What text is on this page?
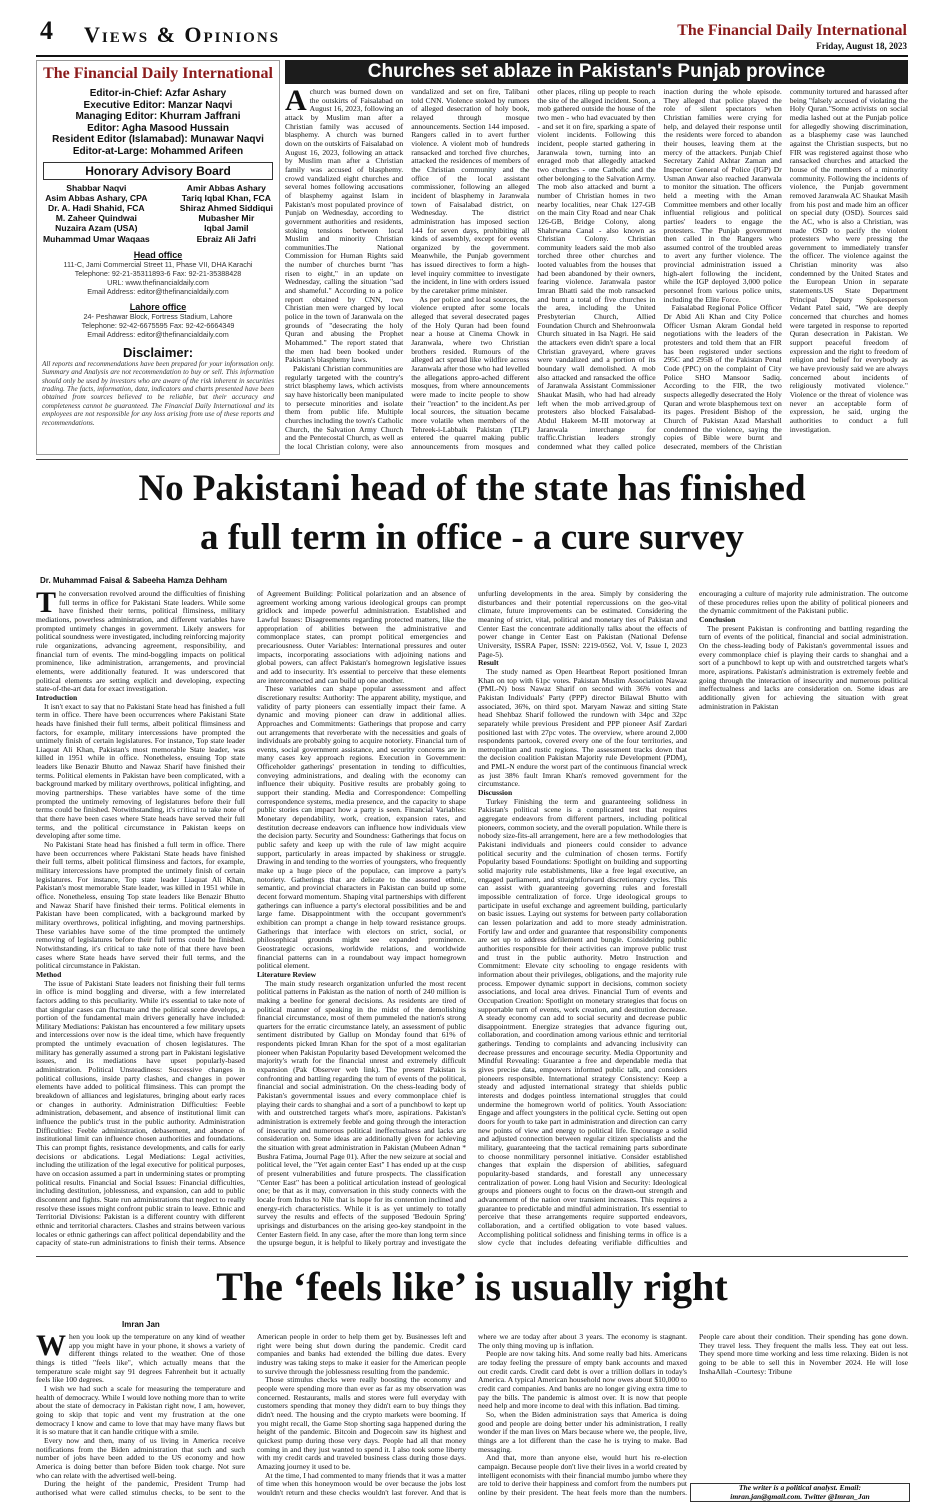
4 Views & Opinions	The Financial Daily International
Friday, August 18, 2023
The Financial Daily International
Editor-in-Chief: Azfar Ashary
Executive Editor: Manzar Naqvi
Managing Editor: Khurram Jaffrani
Editor: Agha Masood Hussain
Resident Editor (Islamabad): Munawar Naqvi
Editor-at-Large: Mohammed Arifeen
Honorary Advisory Board
Shabbar Naqvi
Asim Abbas Ashary, CPA
Dr. A. Hadi Shahid, FCA
M. Zaheer Quindwai
Nuzaira Azam (USA)
Muhammad Umar Waqaas
Amir Abbas Ashary
Tariq Iqbal Khan, FCA
Shiraz Ahmed Siddiqui
Mubasher Mir
Iqbal Jamil
Ebraiz Ali Jafri
Head office
111-C, Jami Commercial Street 11, Phase VII, DHA Karachi
Telephone: 92-21-35311893-6 Fax: 92-21-35388428
URL: www.thefinancialdaily.com
Email Address: editor@thefinancialdaily.com
Lahore office
24- Peshawar Block, Fortress Stadium, Lahore
Telephone: 92-42-6675595 Fax: 92-42-6664349
Email Address: editor@thefinancialdaily.com
Disclaimer:
All reports and recommendations have been prepared for your information only. Summary and Analysis are not recommendation to buy or sell. This information should only be used by investors who are aware of the risk inherent in securities trading. The facts, information, data, indicators and charts presented have been obtained from sources believed to be reliable, but their accuracy and completeness cannot be guaranteed. The Financial Daily International and its employees are not responsible for any loss arising from use of these reports and recommendations.
Churches set ablaze in Pakistan's Punjab province
A church was burned down on the outskirts of Faisalabad on August 16, 2023, following an attack by Muslim man after a Christian family was accused of blasphemy. A church was burned down on the outskirts of Faisalabad on August 16, 2023, following an attack by Muslim man after a Christian family was accused of blasphemy. crowd vandalized eight churches and several homes following accusations of blasphemy against Islam in Pakistan's most populated province of Punjab on Wednesday, according to government authorities and residents, stoking tensions between local Muslim and minority Christian communities.The National Commission for Human Rights said the number of churches burnt "has risen to eight," in an update on Wednesday, calling the situation "sad and shameful." According to a police report obtained by CNN, two Christian men were charged by local police in the town of Jaranwala on the grounds of "desecrating the holy Quran and abusing the Prophet Mohammed." The report stated that the men had been booked under Pakistan's blasphemy laws.

Pakistani Christian communities are regularly targeted with the country's strict blasphemy laws, which activists say have historically been manipulated to persecute minorities and isolate them from public life. Multiple churches including the town's Catholic Church, the Salvation Army Church and the Pentecostal Church, as well as the local Christian colony, were also vandalized and set on fire, Talibani told CNN. Violence stoked by rumors of alleged desecration of holy book, relayed through mosque announcements. Section 144 imposed. Rangers called in to avert further violence. A violent mob of hundreds ransacked and torched five churches, attacked the residences of members of the Christian community and the office of the local assistant commissioner, following an alleged incident of blasphemy in Jaranwala town of Faisalabad district, on Wednesday. The district administration has imposed section 144 for seven days, prohibiting all kinds of assembly, except for events organized by the government. Meanwhile, the Punjab government has issued directives to form a high-level inquiry committee to investigate the incident, in line with orders issued by the caretaker prime minister.

As per police and local sources, the violence erupted after some locals alleged that several desecrated pages of the Holy Quran had been found near a house at Cinema Chowk in Jaranwala, where two Christian brothers resided. Rumours of the alleged act spread like wildfire across Jaranwala after those who had levelled the allegations appro-ached different mosques, from where announcements were made to incite people to show their "reaction" to the incident.As per local sources, the situation became more volatile when members of the Tehreek-i-Labbaik Pakistan (TLP) entered the quarrel making public announcements from mosques and other places, riling up people to reach the site of the alleged incident. Soon, a mob gathered outside the house of the two men - who had evacuated by then - and set it on fire, sparking a spate of violent incidents. Following this incident, people started gathering in Jaranwala town, turning into an enraged mob that allegedly attacked two churches - one Catholic and the other belonging to the Salvation Army. The mob also attacked and burnt a number of Christian homes in two nearby localities, near Chak 127-GB on the main City Road and near Chak 126-GB, Bridge Colony, along Shahrwana Canal - also known as Christian Colony. Christian community leaders said the mob also torched three other churches and looted valuables from the houses that had been abandoned by their owners, fearing violence. Jaranwala pastor Imran Bhatti said the mob ransacked and burnt a total of five churches in the area, including the United Presbyterian Church, Allied Foundation Church and Shehroonwala Church situated in Isa Nagri. He said the attackers even didn't spare a local Christian graveyard, where graves were vandalized and a portion of its boundary wall demolished. A mob also attacked and ransacked the office of Jaranwala Assistant Commissioner Shaukat Masih, who had had already left when the mob arrived.group of protesters also blocked Faisalabad-Abdul Hakeem M-III motorway at Jaranwala interchange for traffic.Christian leaders strongly condemned what they called police inaction during the whole episode. They alleged that police played the role of silent spectators when Christian families were crying for help, and delayed their response until the residents were forced to abandon their houses, leaving them at the mercy of the attackers. Punjab Chief Secretary Zahid Akhtar Zaman and Inspector General of Police (IGP) Dr Usman Anwar also reached Jaranwala to monitor the situation. The officers held a meeting with the Aman Committee members and other locally influential religious and political parties' leaders to engage the protesters. The Punjab government then called in the Rangers who assumed control of the troubled areas to avert any further violence. The provincial administration issued a high-alert following the incident, while the IGP deployed 3,000 police personnel from various police units, including the Elite Force.

Faisalabad Regional Police Officer Dr Abid Ali Khan and City Police Officer Usman Akram Gondal held negotiations with the leaders of the protesters and told them that an FIR has been registered under sections 295C and 295B of the Pakistan Penal Code (PPC) on the complaint of City Police SHO Mansoor Sadiq. According to the FIR, the two suspects allegedly desecrated the Holy Quran and wrote blasphemous text on its pages. President Bishop of the Church of Pakistan Azad Marshall condemned the violence, saying the copies of Bible were burnt and desecrated, members of the Christian community tortured and harassed after being "falsely accused of violating the Holy Quran."Some activists on social media lashed out at the Punjab police for allegedly showing discrimination, as a blasphemy case was launched against the Christian suspects, but no FIR was registered against those who ransacked churches and attacked the house of the members of a minority community. Following the incidents of violence, the Punjab government removed Jaranwala AC Shaukat Masih from his post and made him an officer on special duty (OSD). Sources said the AC, who is also a Christian, was made OSD to pacify the violent protesters who were pressing the government to immediately transfer the officer. The violence against the Christian minority was also condemned by the United States and the European Union in separate statements.US State Department Principal Deputy Spokesperson Vedant Patel said, "We are deeply concerned that churches and homes were targeted in response to reported Quran desecration in Pakistan. We support peaceful freedom of expression and the right to freedom of religion and belief for everybody as we have previously said we are always concerned about incidents of religiously motivated violence." Violence or the threat of violence was never an acceptable form of expression, he said, urging the authorities to conduct a full investigation.

No Pakistani head of the state has finished
a full term in office - a cure survey
Dr. Muhammad Faisal & Sabeeha Hamza Dehham
T he conversation revolved around the difficulties of finishing full terms in office for Pakistani State leaders. While some have finished their terms, political flimsiness, military mediations, powerless administration, and different variables have prompted untimely changes in government. Likely answers for political soundness were investigated, including reinforcing majority rule organizations, advancing agreement, responsibility, and financial turn of events. The mind-boggling impacts on political prominence, like administration, arrangements, and provincial elements, were additionally featured. It was underscored that political elements are setting explicit and developing, expecting state-of-the-art data for exact investigation.

Introduction

It isn't exact to say that no Pakistani State head has finished a full term in office. There have been occurrences where Pakistani State heads have finished their full terms, albeit political flimsiness and factors, for example, military intercessions have prompted the untimely finish of certain legislatures. For instance, Top state leader Liaquat Ali Khan, Pakistan's most memorable State leader, was killed in 1951 while in office. Nonetheless, ensuing Top state leaders like Benazir Bhutto and Nawaz Sharif have finished their terms. Political elements in Pakistan have been complicated, with a background marked by military overthrows, political infighting, and moving partnerships. These variables have some of the time prompted the untimely removing of legislatures before their full terms could be finished. Notwithstanding, it's critical to take note of that there have been cases where State heads have served their full terms, and the political circumstance in Pakistan keeps on developing after some time.

No Pakistani State head has finished a full term in office. There have been occurrences where Pakistani State heads have finished their full terms, albeit political flimsiness and factors, for example, military intercessions have prompted the untimely finish of certain legislatures. For instance, Top state leader Liaquat Ali Khan, Pakistan's most memorable State leader, was killed in 1951 while in office. Nonetheless, ensuing Top state leaders like Benazir Bhutto and Nawaz Sharif have finished their terms. Political elements in Pakistan have been complicated, with a background marked by military overthrows, political infighting, and moving partnerships. These variables have some of the time prompted the untimely removing of legislatures before their full terms could be finished. Notwithstanding, it's critical to take note of that there have been cases where State heads have served their full terms, and the political circumstance in Pakistan.

Method

The issue of Pakistani State leaders not finishing their full terms in office is mind boggling and diverse, with a few interrelated factors adding to this peculiarity. While it's essential to take note of that singular cases can fluctuate and the political scene develops, a portion of the fundamental main drivers generally have included: Military Mediations: Pakistan has encountered a few military upsets and intercessions over now is the ideal time, which have frequently prompted the untimely evacuation of chosen legislatures. The military has generally assumed a strong part in Pakistani legislative issues, and its mediations have upset popularly-based administration. Political Unsteadiness: Successive changes in political collusions, inside party clashes, and changes in power elements have added to political flimsiness. This can prompt the breakdown of alliances and legislatures, bringing about early races or changes in authority. Administration Difficulties: Feeble administration, debasement, and absence of institutional limit can influence the public's trust in the public authority. Administration Difficulties: Feeble administration, debasement, and absence of institutional limit can influence chosen authorities and foundations. This can prompt fights, resistance developments, and calls for early decisions or abdications. Legal Mediations: Legal activities, including the utilization of the legal executive for political purposes, have on occasion assumed a part in undermining states or prompting political results. Financial and Social Issues: Financial difficulties, including destitution, joblessness, and expansion, can add to public discontent and fights. State run administrations that neglect to really resolve these issues might confront public strain to leave. Ethnic and Territorial Divisions: Pakistan is a different country with different ethnic and territorial characters. Clashes and strains between various locales or ethnic gatherings can affect political dependability and the capacity of state-run administrations to finish their terms. Absence of Agreement Building: Political polarization and an absence of agreement working among various ideological groups can prompt gridlock and impede powerful administration. Established and Lawful Issues: Disagreements regarding protected matters, like the appropriation of abilities between the administrative and commonplace states, can prompt political emergencies and precariousness. Outer Variables: International pressures and outer impacts, incorporating associations with adjoining nations and global powers, can affect Pakistan's homegrown legislative issues and add to insecurity. It's essential to perceive that these elements are interconnected and can build up one another.

These variables can shape popular assessment and affect discretionary results: Authority: The apparent ability, mystique, and validity of party pioneers can essentially impact their fame. A dynamic and moving pioneer can draw in additional allies. Approaches and Commitments: Gatherings that propose and carry out arrangements that reverberate with the necessities and goals of individuals are probably going to acquire notoriety. Financial turn of events, social government assistance, and security concerns are in many cases key approach regions. Execution in Government: Officeholder gatherings' presentation in tending to difficulties, conveying administrations, and dealing with the economy can influence their ubiquity. Positive results are probably going to support their standing. Media and Correspondence: Compelling correspondence systems, media presence, and the capacity to shape public stories can impact how a party is seen. Financial Variables: Monetary dependability, work, creation, expansion rates, and destitution decrease endeavors can influence how individuals view the decision party. Security and Soundness: Gatherings that focus on public safety and keep up with the rule of law might acquire support, particularly in areas impacted by shakiness or struggle. Drawing in and tending to the worries of youngsters, who frequently make up a huge piece of the populace, can improve a party's notoriety. Gatherings that are delicate to the assorted ethnic, semantic, and provincial characters in Pakistan can build up some decent forward momentum. Shaping vital partnerships with different gatherings can influence a party's electoral possibilities and be and large fame. Disappointment with the occupant government's exhibition can prompt a change in help toward resistance groups. Gatherings that interface with electors on strict, social, or philosophical grounds might see expanded prominence. Geostrategic occasions, worldwide relations, and worldwide financial patterns can in a roundabout way impact homegrown political element.

Literature Review

The main study research organization unfurled the most recent political patterns in Pakistan as the nation of north of 240 million is making a beeline for general decisions. As residents are tired of political manner of speaking in the midst of the demolishing financial circumstance, most of them pummeled the nation's strong quarters for the erratic circumstance lately, an assessment of public sentiment distributed by Gallup on Monday found that 61% of respondents picked Imran Khan for the spot of a most egalitarian pioneer when Pakistan Popularity based Development welcomed the majority's wrath for the financial unrest and extremely difficult expansion (Pak Observer web link). The present Pakistan is confronting and battling regarding the turn of events of the political, financial and social administration. On the chess-leading body of Pakistan's governmental issues and every commonplace chief is playing their cards to shanghai and a sort of a punchbowl to kept up with and outstretched targets what's more, aspirations. Pakistan's administration is extremely feeble and going through the interaction of insecurity and numerous political ineffectualness and lacks are consideration on. Some ideas are additionally given for achieving the situation with great administration in Pakistan (Mubeen Adnan * Bushra Fatima, Journal Page 01). After the new seizure at social and political level, the "Yet again center East" I has ended up at the cusp of present vulnerabilities and future prospects. The classification "Center East" has been a political articulation instead of geological one; be that as it may, conversation in this study connects with the locale from Indus to Nile that is hope for its contention inclined and energy-rich characteristics. While it is as yet untimely to totally survey the results and effects of the supposed 'Bedouin Spring' uprisings and disturbances on the arising geo-key standpoint in the Center Eastern field. In any case, after the more than long term since the upsurge begun, it is helpful to likely portray and investigate the unfurling developments in the area. Simply by considering the disturbances and their potential repercussions on the geo-vital climate, future improvements can be estimated. Considering the meaning of strict, vital, political and monetary ties of Pakistan and Center East the concentrate additionally talks about the effects of power change in Center East on Pakistan (National Defense University, ISSRA Paper, ISSN: 2219-0562, Vol. V, Issue I, 2023 Page-5).

Result

The study named as Open Heartbeat Report positioned Imran Khan on top with 61pc votes. Pakistan Muslim Association Nawaz (PML-N) boss Nawaz Sharif on second with 36% votes and Pakistan Individuals' Party (PPP) director Bilawal Bhutto with associated, 36%, on third spot. Maryam Nawaz and sitting State head Shehbaz Sharif followed the rundown with 34pc and 32pc separately while previous President and PPP pioneer Asif Zardari positioned last with 27pc votes. The overview, where around 2,000 respondents partook, covered every one of the four territories, and metropolitan and rustic regions. The assessment tracks down that the decision coalition Pakistan Majority rule Development (PDM), and PML-N endure the worst part of the continuous financial wreck as just 38% fault Imran Khan's removed government for the circumstance.

Discussion

Turkey Finishing the term and guaranteeing solidness in Pakistan's political scene is a complicated test that requires aggregate endeavors from different partners, including political pioneers, common society, and the overall population. While there is nobody size-fits-all arrangement, here are a few methodologies that Pakistani individuals and pioneers could consider to advance political security and the culmination of chosen terms. Fortify Popularity based Foundations: Spotlight on building and supporting solid majority rule establishments, like a free legal executive, an engaged parliament, and straightforward discretionary cycles. This can assist with guaranteeing governing rules and forestall impossible centralization of force. Urge ideological groups to participate in useful exchange and agreement building, particularly on basic issues. Laying out systems for between party collaboration can lessen polarization and add to more steady administration. Fortify law and order and guarantee that responsibility components are set up to address defilement and bungle. Considering public authorities responsible for their activities can improve public trust and trust in the public authority. Metro Instruction and Commitment: Elevate city schooling to engage residents with information about their privileges, obligations, and the majority rule process. Empower dynamic support in decisions, common society associations, and local area drives. Financial Turn of events and Occupation Creation: Spotlight on monetary strategies that focus on supportable turn of events, work creation, and destitution decrease. A steady economy can add to social security and decrease public disappointment. Energize strategies that advance figuring out, collaboration, and coordination among various ethnic and territorial gatherings. Tending to complaints and advancing inclusivity can decrease pressures and encourage security. Media Opportunity and Mindful Revealing: Guarantee a free and dependable media that gives precise data, empowers informed public talk, and considers pioneers responsible. International strategy Consistency: Keep a steady and adjusted international strategy that shields public interests and dodges pointless international struggles that could undermine the homegrown world of politics. Youth Association: Engage and affect youngsters in the political cycle. Setting out open doors for youth to take part in administration and direction can carry new points of view and energy to political life. Encourage a solid and adjusted connection between regular citizen specialists and the military, guaranteeing that the tactical remaining parts subordinate to choose nonmilitary personnel initiative. Consider established changes that explain the dispersion of abilities, safeguard popularity-based standards, and forestall any unnecessary centralization of power. Long haul Vision and Security: Ideological groups and pioneers ought to focus on the drawn-out strength and advancement of the nation over transient increases. This requires a guarantee to predictable and mindful administration. It's essential to perceive that these arrangements require supported endeavors, collaboration, and a certified obligation to vote based values. Accomplishing political solidness and finishing terms in office is a slow cycle that includes defeating verifiable difficulties and encouraging a culture of majority rule administration. The outcome of these procedures relies upon the ability of political pioneers and the dynamic commitment of the Pakistani public.

Conclusion

The present Pakistan is confronting and battling regarding the turn of events of the political, financial and social administration. On the chess-leading body of Pakistan's governmental issues and every commonplace chief is playing their cards to shanghai and a sort of a punchbowl to kept up with and outstretched targets what's more, aspirations. Pakistan's administration is extremely feeble and going through the interaction of insecurity and numerous political ineffectualness and lacks are consideration on. Some ideas are additionally given for achieving the situation with great administration in Pakistan

The ‘feels like’ is usually right
Imran Jan
W hen you look up the temperature on any kind of weather app you might have in your phone, it shows a variety of different things related to the weather. One of those things is titled "feels like", which actually means that the temperature scale might say 91 degrees Fahrenheit but it actually feels like 100 degrees.

I wish we had such a scale for measuring the temperature and health of democracy. While I would love nothing more than to write about the state of democracy in Pakistan right now, I am, however, going to skip that topic and vent my frustration at the one democracy I know and came to love that may have many flaws but it is so mature that it can handle critique with a smile.

Every now and then, many of us living in America receive notifications from the Biden administration that such and such number of jobs have been added to the US economy and how America is doing better than before Biden took charge. Not sure who can relate with the advertised well-being.

During the height of the pandemic, President Trump had authorised what were called stimulus checks, to be sent to the American people in order to help them get by. Businesses left and right were being shut down during the pandemic. Credit card companies and banks had extended the billing due dates. Every industry was taking steps to make it easier for the American people to survive through the joblessness resulting from the pandemic.

Those stimulus checks were really boosting the economy and people were spending more than ever as far as my observation was concerned. Restaurants, malls and stores were full everyday with customers spending that money they didn't earn to buy things they didn't need. The housing and the crypto markets were booming. If you might recall, the Game Stop shorting saga happened during the height of the pandemic. Bitcoin and Dogecoin saw its highest and quickest pump during those very days. People had all that money coming in and they just wanted to spend it. I also took some liberty with my credit cards and traveled business class during those days. Amazing journey it used to be.

At the time, I had commented to many friends that it was a matter of time when this honeymoon would be over because the jobs lost wouldn't return and these checks wouldn't last forever. And that is where we are today after about 3 years. The economy is stagnant. The only thing moving up is inflation.

People are now taking hits. And some really bad hits. Americans are today feeling the pressure of empty bank accounts and maxed out credit cards. Credit card debt is over a trillion dollars in today's America. A typical American household now owes about $10,000 to credit card companies. And banks are no longer giving extra time to pay the bills. The pandemic is almost over. It is now that people need help and more income to deal with this inflation. Bad timing.

So, when the Biden administration says that America is doing good and people are doing better under his administration, I really wonder if the man lives on Mars because where we, the people, live, things are a lot different than the case he is trying to make. Bad messaging.

And that, more than anyone else, would hurt his re-election campaign. Because people don't live their lives in a world created by intelligent economists with their financial mumbo jumbo where they are told to derive their happiness and comfort from the numbers put online by their president. The heat feels more than the numbers. People care about their condition. Their spending has gone down. They travel less. They frequent the malls less. They eat out less. They spend more time working and less time relaxing. Biden is not going to be able to sell this in November 2024. He will lose InshaAllah -Courtesy: Tribune

The writer is a political analyst. Email:
imran.jan@gmail.com. Twitter @Imran_Jan
